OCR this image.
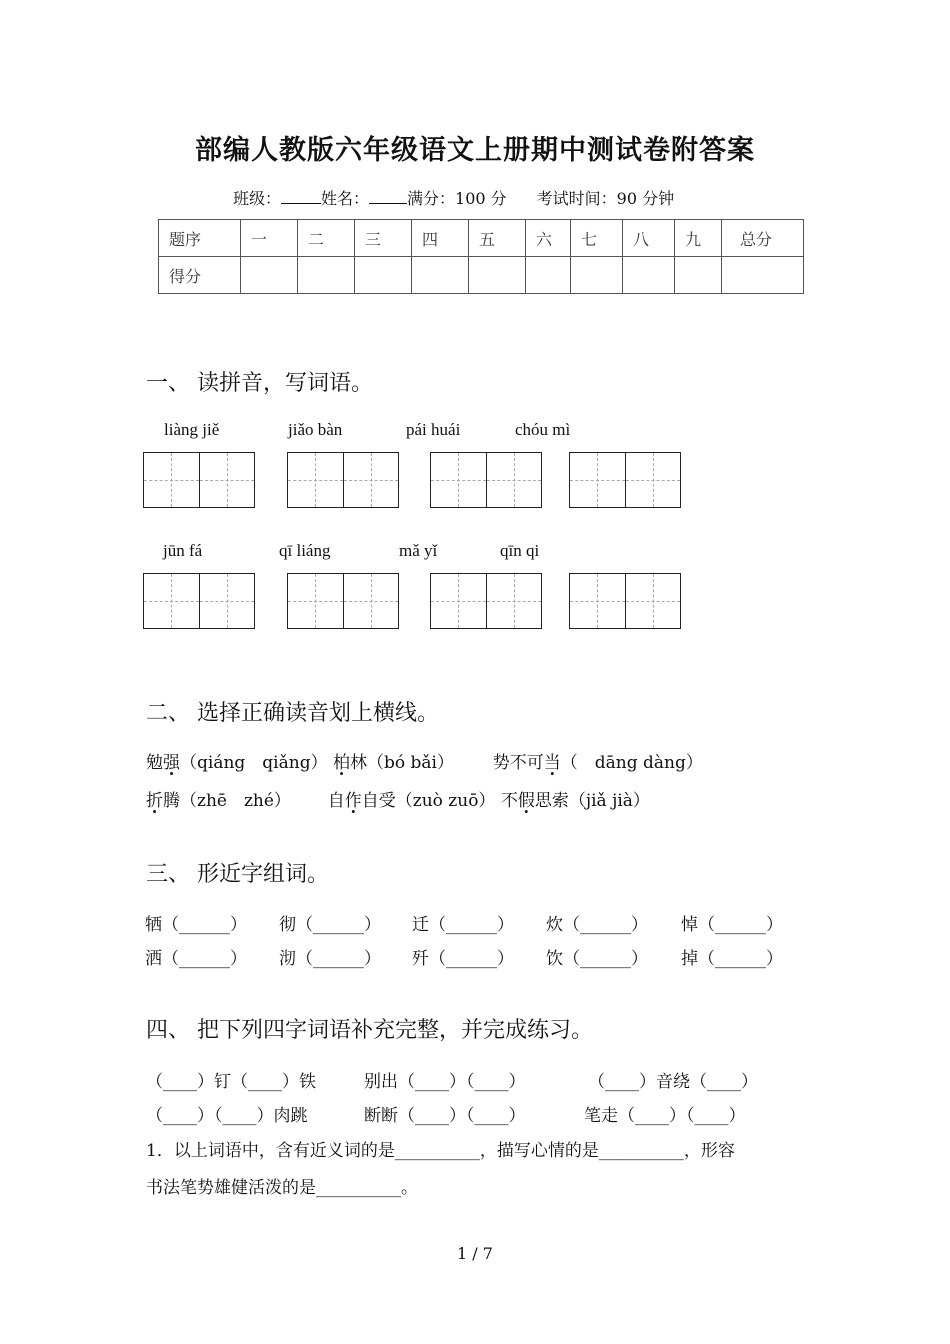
部编人教版六年级语文上册期中测试卷附答案
班级：	姓名： 满分：100 分 考试时间：90 分钟
题序	一	二	三	四	五	六	七	八	九	总分
得分										
一、 读拼音，写词语。
liàng jiě	jiǎo bàn	pái huái	chóu mì
jūn fá	qī liáng	mǎ yǐ	qīn qi
二、 选择正确读音划上横线。
勉强（qiáng　qiǎng） 柏林（bó bǎi） 势不可当（　dāng dàng）
折腾（zhē　zhé） 自作自受（zuò zuō） 不假思索（jiǎ jià）
三、 形近字组词。
牺（______） 彻（______） 迁（______） 炊（______） 悼（______）
洒（______） 沏（______） 歼（______） 饮（______） 掉（______）
四、 把下列四字词语补充完整，并完成练习。
（____）钉（____）铁	别出（____）（____）	（____）音绕（____）
（____）（____）肉跳	断断（____）（____）	笔走（____）（____）
1．以上词语中，含有近义词的是__________，描写心情的是__________，形容
书法笔势雄健活泼的是__________。
1 / 7
